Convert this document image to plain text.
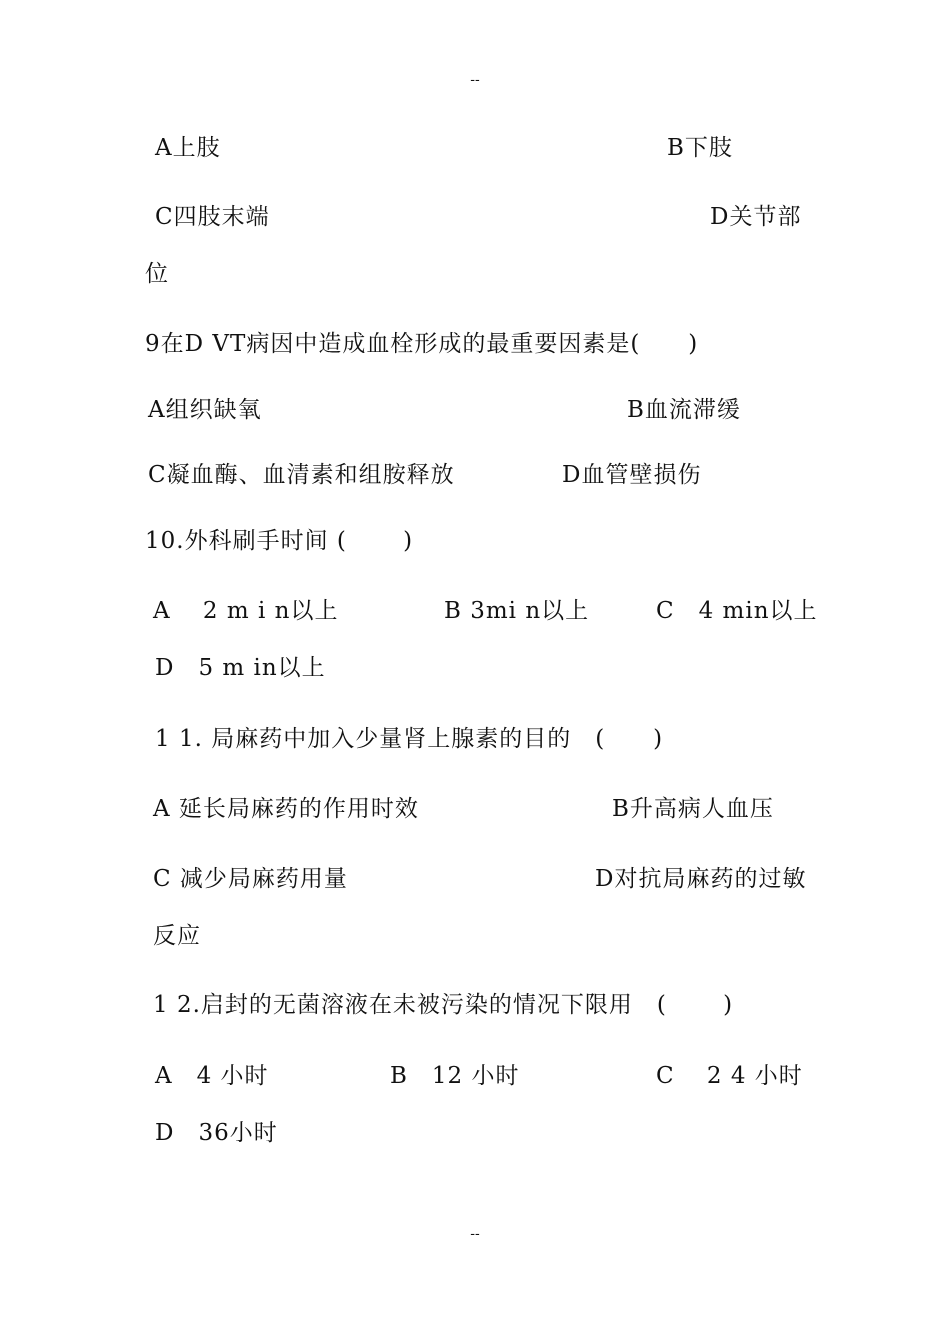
--
A上肢	B下肢
C四肢末端	D关节部
位
9在D VT病因中造成血栓形成的最重要因素是(　　)
A组织缺氧	B血流滞缓
C凝血酶、血清素和组胺释放	D血管壁损伤
10.外科刷手时间 (　　 )
A　 2 m i n以上	B 3mi n以上	C　4 min以上
D　5 m in以上
1 1. 局麻药中加入少量肾上腺素的目的　(　　)
A 延长局麻药的作用时效	B升高病人血压
C 减少局麻药用量	D对抗局麻药的过敏
反应
1 2.启封的无菌溶液在未被污染的情况下限用　(　　 )
A　4 小时	B　12 小时	C　 2 4 小时
D　36小时
--
